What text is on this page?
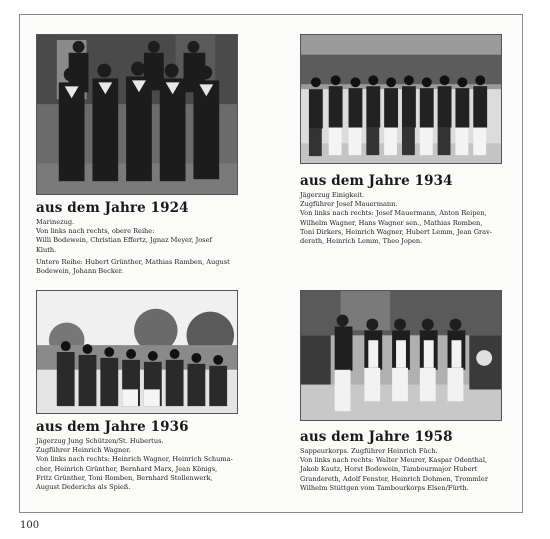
aus dem Jahre 1924
Marinezug.
Von links nach rechts, obere Reihe:
Willi Bodewein, Christian Effertz, Jgnaz Meyer, Josef
Kluth.
Untere Reihe: Hubert Grünther, Mathias Ramben, August
Bodewein, Johann Becker.
aus dem Jahre 1934
Jägerzug Einigkeit.
Zugführer Josef Mauermann.
Von links nach rechts: Josef Mauermann, Anton Reipen,
Wilhelm Wagner, Hans Wagner sen., Mathias Romben,
Toni Dirkers, Heinrich Wagner, Hubert Lemm, Jean Grav-
derath, Heinrich Lemm, Theo Jopen.
aus dem Jahre 1936
Jägerzug Jung Schützen/St. Hubertus.
Zugführer Heinrich Wagner.
Von links nach rechts: Heinrich Wagner, Heinrich Schuma-
cher, Heinrich Grünther, Bernhard Marx, Jean Königs,
Fritz Grünther, Toni Romben, Bernhard Stollenwerk,
August Dederichs als Spieß.
aus dem Jahre 1958
Sappeurkorps. Zugführer Heinrich Füch.
Von links nach rechts: Walter Meurer, Kaspar Odenthal,
Jakob Kautz, Horst Bodewein, Tambourmajor Hubert
Grandereth, Adolf Fenster, Heinrich Dohmen, Trommler
Wilhelm Stüttgen vom Tambourkorps Elsen/Fürth.
100
